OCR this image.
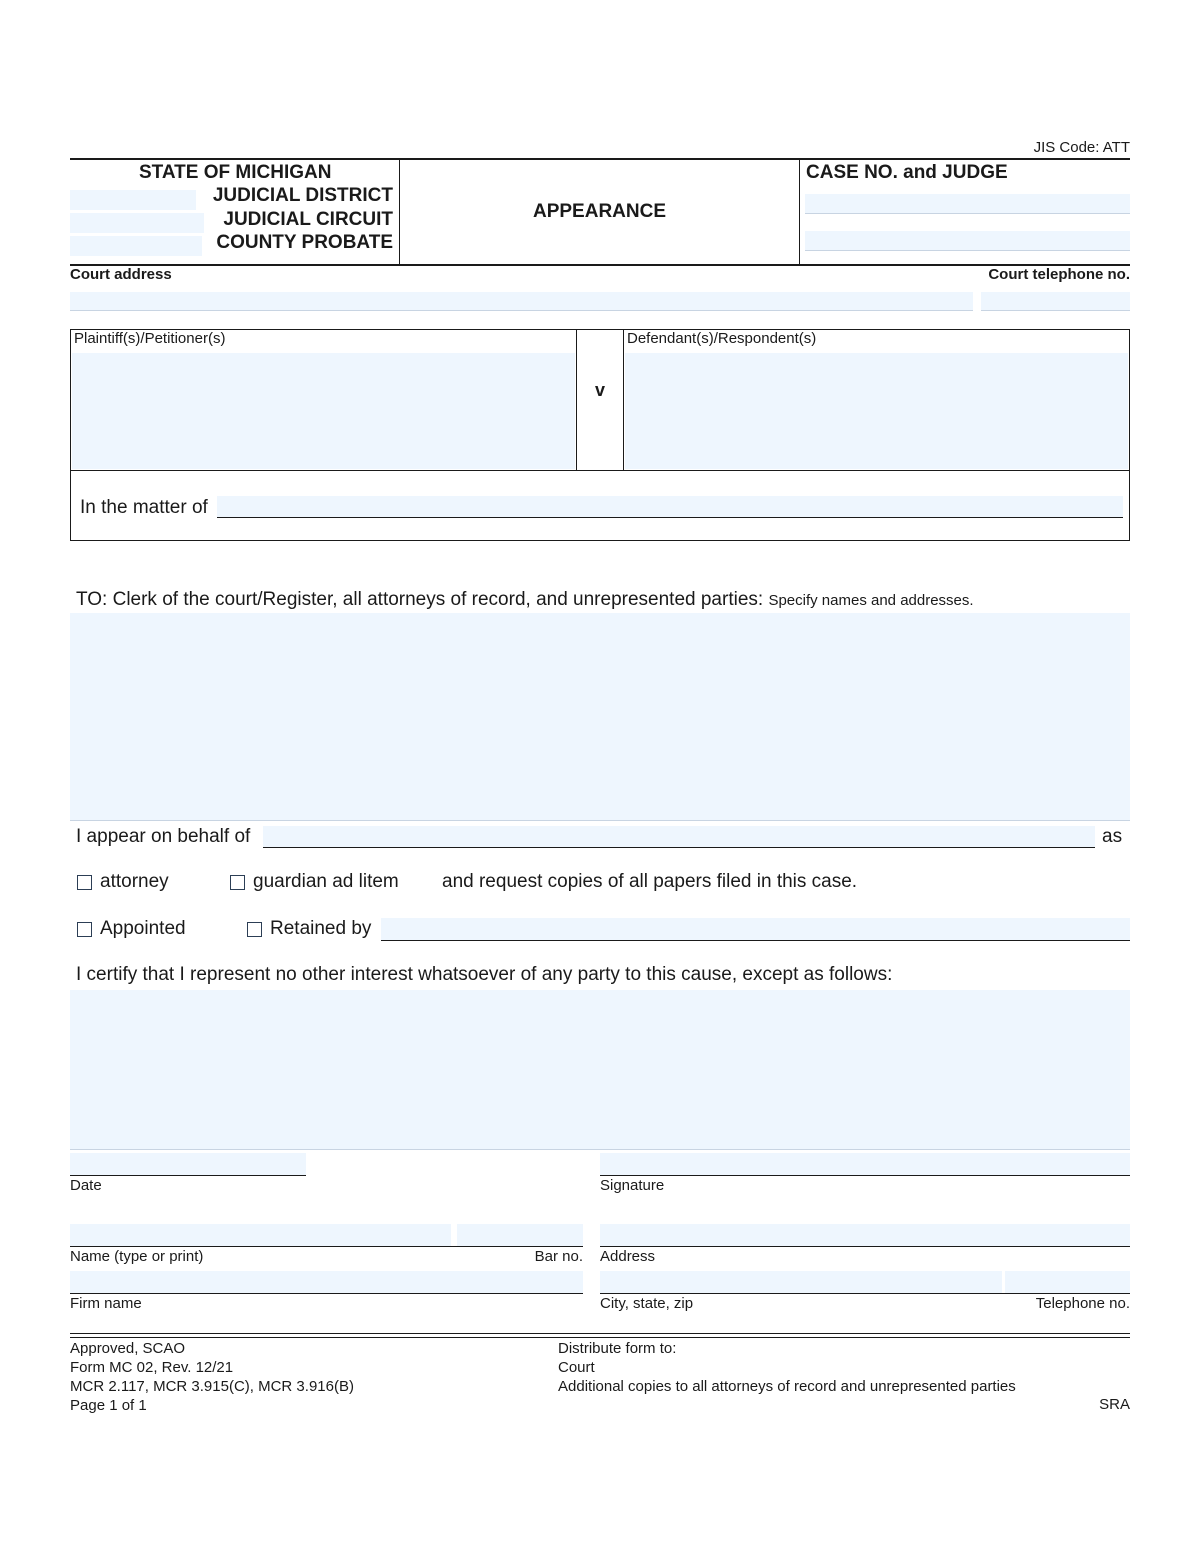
JIS Code: ATT
STATE OF MICHIGAN
JUDICIAL DISTRICT
JUDICIAL CIRCUIT
COUNTY PROBATE
APPEARANCE
CASE NO. and JUDGE
Court address	Court telephone no.
Plaintiff(s)/Petitioner(s)
v
Defendant(s)/Respondent(s)
In the matter of
TO: Clerk of the court/Register, all attorneys of record, and unrepresented parties: Specify names and addresses.
I appear on behalf of	as
attorney	guardian ad litem and request copies of all papers filed in this case.
Appointed	Retained by
I certify that I represent no other interest whatsoever of any party to this cause, except as follows:
Date	Signature
Name (type or print)	Bar no. Address
Firm name	City, state, zip	Telephone no.
Approved, SCAO
Form MC 02, Rev. 12/21
MCR 2.117, MCR 3.915(C), MCR 3.916(B)
Page 1 of 1
Distribute form to:
Court
Additional copies to all attorneys of record and unrepresented parties
SRA
